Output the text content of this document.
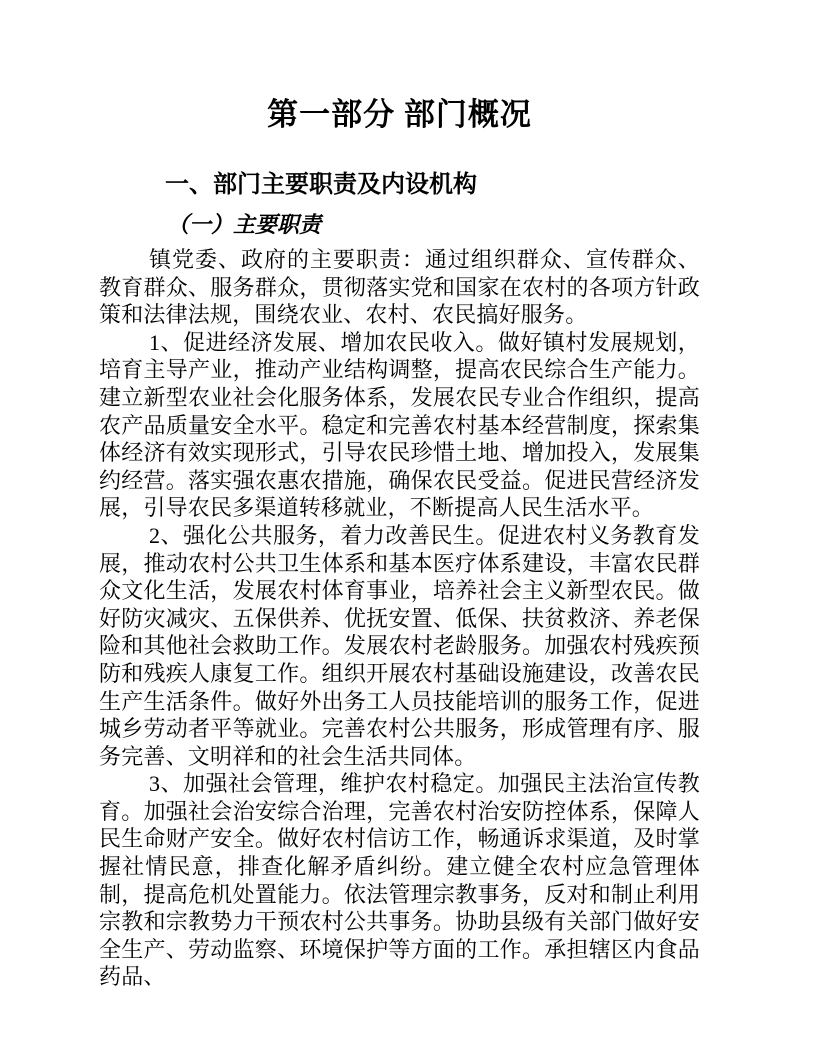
第一部分 部门概况
一、部门主要职责及内设机构
（一）主要职责

镇党委、政府的主要职责：通过组织群众、宣传群众、教育群众、服务群众，贯彻落实党和国家在农村的各项方针政策和法律法规，围绕农业、农村、农民搞好服务。

1、促进经济发展、增加农民收入。做好镇村发展规划，培育主导产业，推动产业结构调整，提高农民综合生产能力。建立新型农业社会化服务体系，发展农民专业合作组织，提高农产品质量安全水平。稳定和完善农村基本经营制度，探索集体经济有效实现形式，引导农民珍惜土地、增加投入，发展集约经营。落实强农惠农措施，确保农民受益。促进民营经济发展，引导农民多渠道转移就业，不断提高人民生活水平。

2、强化公共服务，着力改善民生。促进农村义务教育发展，推动农村公共卫生体系和基本医疗体系建设，丰富农民群众文化生活，发展农村体育事业，培养社会主义新型农民。做好防灾减灾、五保供养、优抚安置、低保、扶贫救济、养老保险和其他社会救助工作。发展农村老龄服务。加强农村残疾预防和残疾人康复工作。组织开展农村基础设施建设，改善农民生产生活条件。做好外出务工人员技能培训的服务工作，促进城乡劳动者平等就业。完善农村公共服务，形成管理有序、服务完善、文明祥和的社会生活共同体。

3、加强社会管理，维护农村稳定。加强民主法治宣传教育。加强社会治安综合治理，完善农村治安防控体系，保障人民生命财产安全。做好农村信访工作，畅通诉求渠道，及时掌握社情民意，排查化解矛盾纠纷。建立健全农村应急管理体制，提高危机处置能力。依法管理宗教事务，反对和制止利用宗教和宗教势力干预农村公共事务。协助县级有关部门做好安全生产、劳动监察、环境保护等方面的工作。承担辖区内食品药品、
